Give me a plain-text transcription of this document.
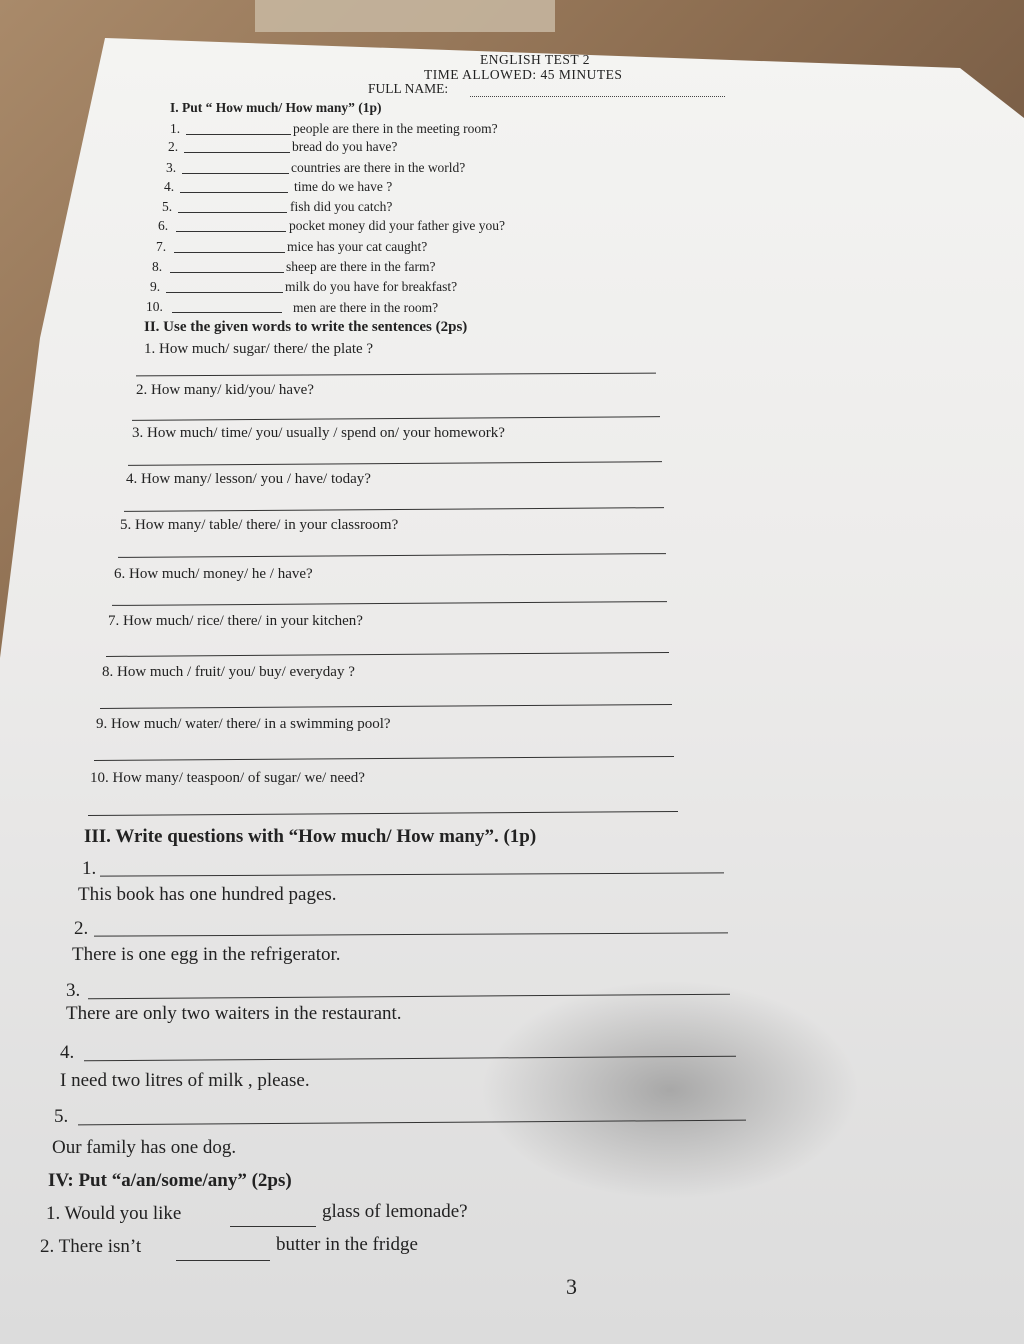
ENGLISH TEST 2
TIME ALLOWED: 45 MINUTES
FULL NAME:
I. Put “ How much/ How many” (1p)
1.	people are there in the meeting room?
2.	bread do you have?
3.	countries are there in the world?
4.	time do we have ?
5.	fish did you catch?
6.	pocket money did your father give you?
7.	mice has your cat caught?
8.	sheep are there in the farm?
9.	milk do you have for breakfast?
10.	men are there in the room?
II. Use the given words to write the sentences (2ps)
1. How much/ sugar/ there/ the plate ?
2. How many/ kid/you/ have?
3. How much/ time/ you/ usually / spend on/ your homework?
4. How many/ lesson/ you / have/ today?
5. How many/ table/ there/ in your classroom?
6. How much/ money/ he / have?
7. How much/ rice/ there/ in your kitchen?
8. How much / fruit/ you/ buy/ everyday ?
9. How much/ water/ there/ in a swimming pool?
10. How many/ teaspoon/ of sugar/ we/ need?
III. Write questions with “How much/ How many”. (1p)
1.
This book has one hundred pages.
2.
There is one egg in the refrigerator.
3.
There are only two waiters in the restaurant.
4.
I need two litres of milk , please.
5.
Our family has one dog.
IV: Put “a/an/some/any” (2ps)
1. Would you like	glass of lemonade?
2. There isn’t	butter in the fridge
3
